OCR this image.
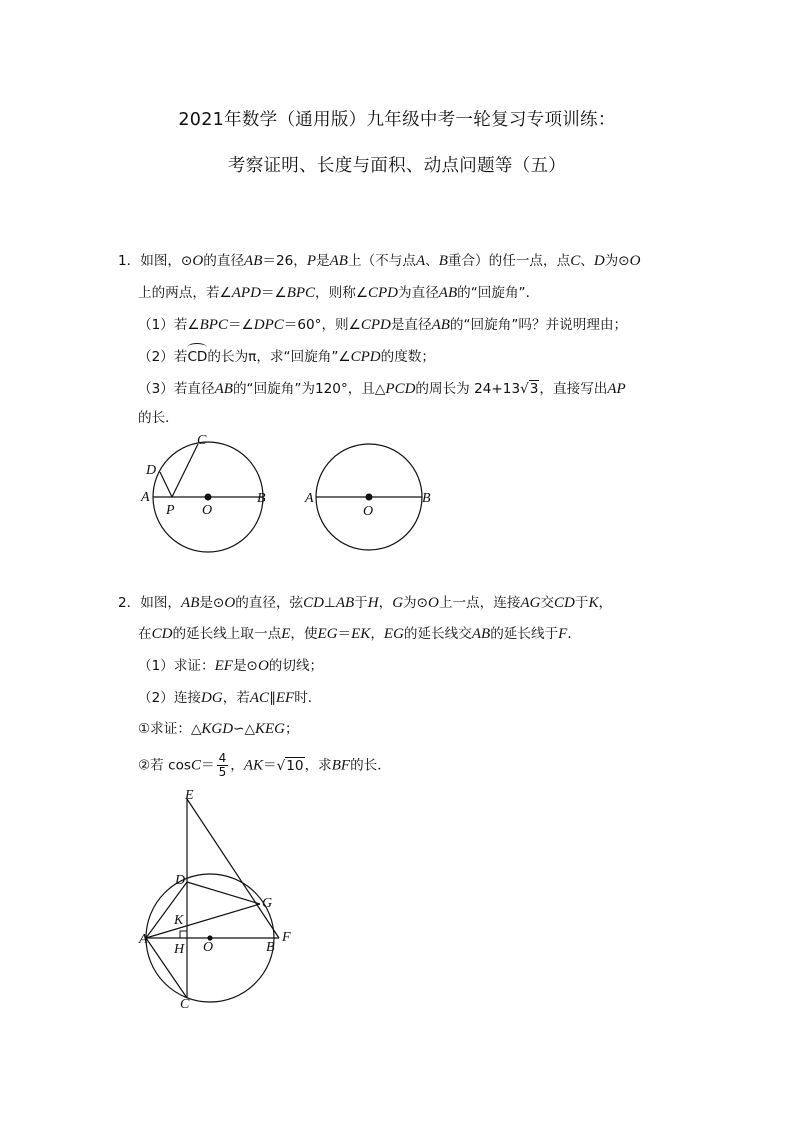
2021年数学（通用版）九年级中考一轮复习专项训练：
考察证明、长度与面积、动点问题等（五）
1．如图，⊙O的直径AB＝26，P是AB上（不与点A、B重合）的任一点，点C、D为⊙O
上的两点，若∠APD＝∠BPC，则称∠CPD为直径AB的“回旋角”．
（1）若∠BPC＝∠DPC＝60°，则∠CPD是直径AB的“回旋角”吗？并说明理由；
（2）若CD的长为π，求“回旋角”∠CPD的度数；
（3）若直径AB的“回旋角”为120°，且△PCD的周长为 24+13√3，直接写出AP
的长．
C
D
A
P O
B	A
O
B
2．如图，AB是⊙O的直径，弦CD⊥AB于H，G为⊙O上一点，连接AG交CD于K，
在CD的延长线上取一点E，使EG＝EK，EG的延长线交AB的延长线于F．
（1）求证：EF是⊙O的切线；
（2）连接DG，若AC∥EF时．
①求证：△KGD∽△KEG；
②若 $\cos C= \frac{4}{5}$ ，AK＝√10，求BF的长．
E
D
G
K
A
H O	B
F
C
